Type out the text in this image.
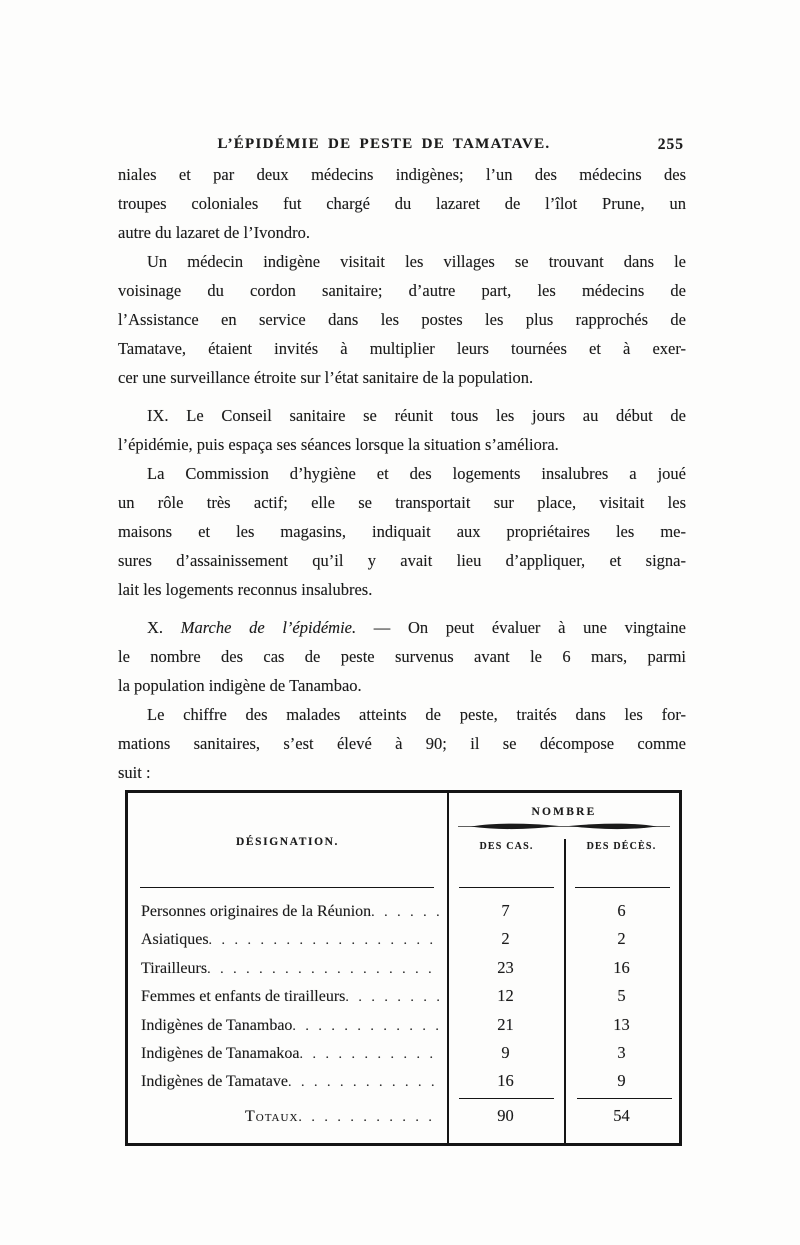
L’ÉPIDÉMIE DE PESTE DE TAMATAVE.	255
niales et par deux médecins indigènes; l’un des médecins des
troupes coloniales fut chargé du lazaret de l’îlot Prune, un
autre du lazaret de l’Ivondro.
Un médecin indigène visitait les villages se trouvant dans le
voisinage du cordon sanitaire; d’autre part, les médecins de
l’Assistance en service dans les postes les plus rapprochés de
Tamatave, étaient invités à multiplier leurs tournées et à exer-
cer une surveillance étroite sur l’état sanitaire de la population.
IX. Le Conseil sanitaire se réunit tous les jours au début de
l’épidémie, puis espaça ses séances lorsque la situation s’améliora.
La Commission d’hygiène et des logements insalubres a joué
un rôle très actif; elle se transportait sur place, visitait les
maisons et les magasins, indiquait aux propriétaires les me-
sures d’assainissement qu’il y avait lieu d’appliquer, et signa-
lait les logements reconnus insalubres.
X. Marche de l’épidémie. — On peut évaluer à une vingtaine
le nombre des cas de peste survenus avant le 6 mars, parmi
la population indigène de Tanambao.
Le chiffre des malades atteints de peste, traités dans les for-
mations sanitaires, s’est élevé à 90; il se décompose comme
suit :
DÉSIGNATION.
NOMBRE
DES CAS.	DES DÉCÈS.
Personnes originaires de la Réunion . . .	7	6
Asiatiques . . .	2	2
Tirailleurs . . .	23	16
Femmes et enfants de tirailleurs . . .	12	5
Indigènes de Tanambao . . .	21	13
Indigènes de Tanamakoa . . .	9	3
Indigènes de Tamatave . . .	16	9
Totaux . . .	90	54
